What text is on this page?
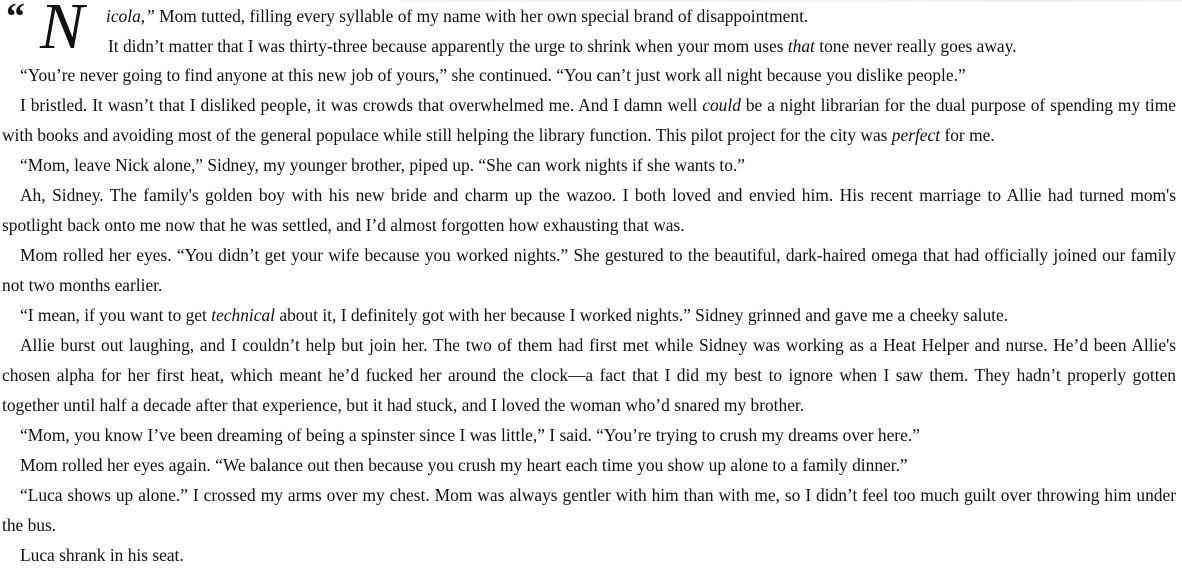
“ N icola,” Mom tutted, filling every syllable of my name with her own special brand of disappointment.
It didn’t matter that I was thirty-three because apparently the urge to shrink when your mom uses that tone never really goes away.

“You’re never going to find anyone at this new job of yours,” she continued. “You can’t just work all night because you dislike people.”

I bristled. It wasn’t that I disliked people, it was crowds that overwhelmed me. And I damn well could be a night librarian for the dual purpose of spending my time with books and avoiding most of the general populace while still helping the library function. This pilot project for the city was perfect for me.

“Mom, leave Nick alone,” Sidney, my younger brother, piped up. “She can work nights if she wants to.”

Ah, Sidney. The family's golden boy with his new bride and charm up the wazoo. I both loved and envied him. His recent marriage to Allie had turned mom's spotlight back onto me now that he was settled, and I’d almost forgotten how exhausting that was.

Mom rolled her eyes. “You didn’t get your wife because you worked nights.” She gestured to the beautiful, dark-haired omega that had officially joined our family not two months earlier.

“I mean, if you want to get technical about it, I definitely got with her because I worked nights.” Sidney grinned and gave me a cheeky salute.

Allie burst out laughing, and I couldn’t help but join her. The two of them had first met while Sidney was working as a Heat Helper and nurse. He’d been Allie's chosen alpha for her first heat, which meant he’d fucked her around the clock—a fact that I did my best to ignore when I saw them. They hadn’t properly gotten together until half a decade after that experience, but it had stuck, and I loved the woman who’d snared my brother.

“Mom, you know I’ve been dreaming of being a spinster since I was little,” I said. “You’re trying to crush my dreams over here.”

Mom rolled her eyes again. “We balance out then because you crush my heart each time you show up alone to a family dinner.”

“Luca shows up alone.” I crossed my arms over my chest. Mom was always gentler with him than with me, so I didn’t feel too much guilt over throwing him under the bus.

Luca shrank in his seat.
